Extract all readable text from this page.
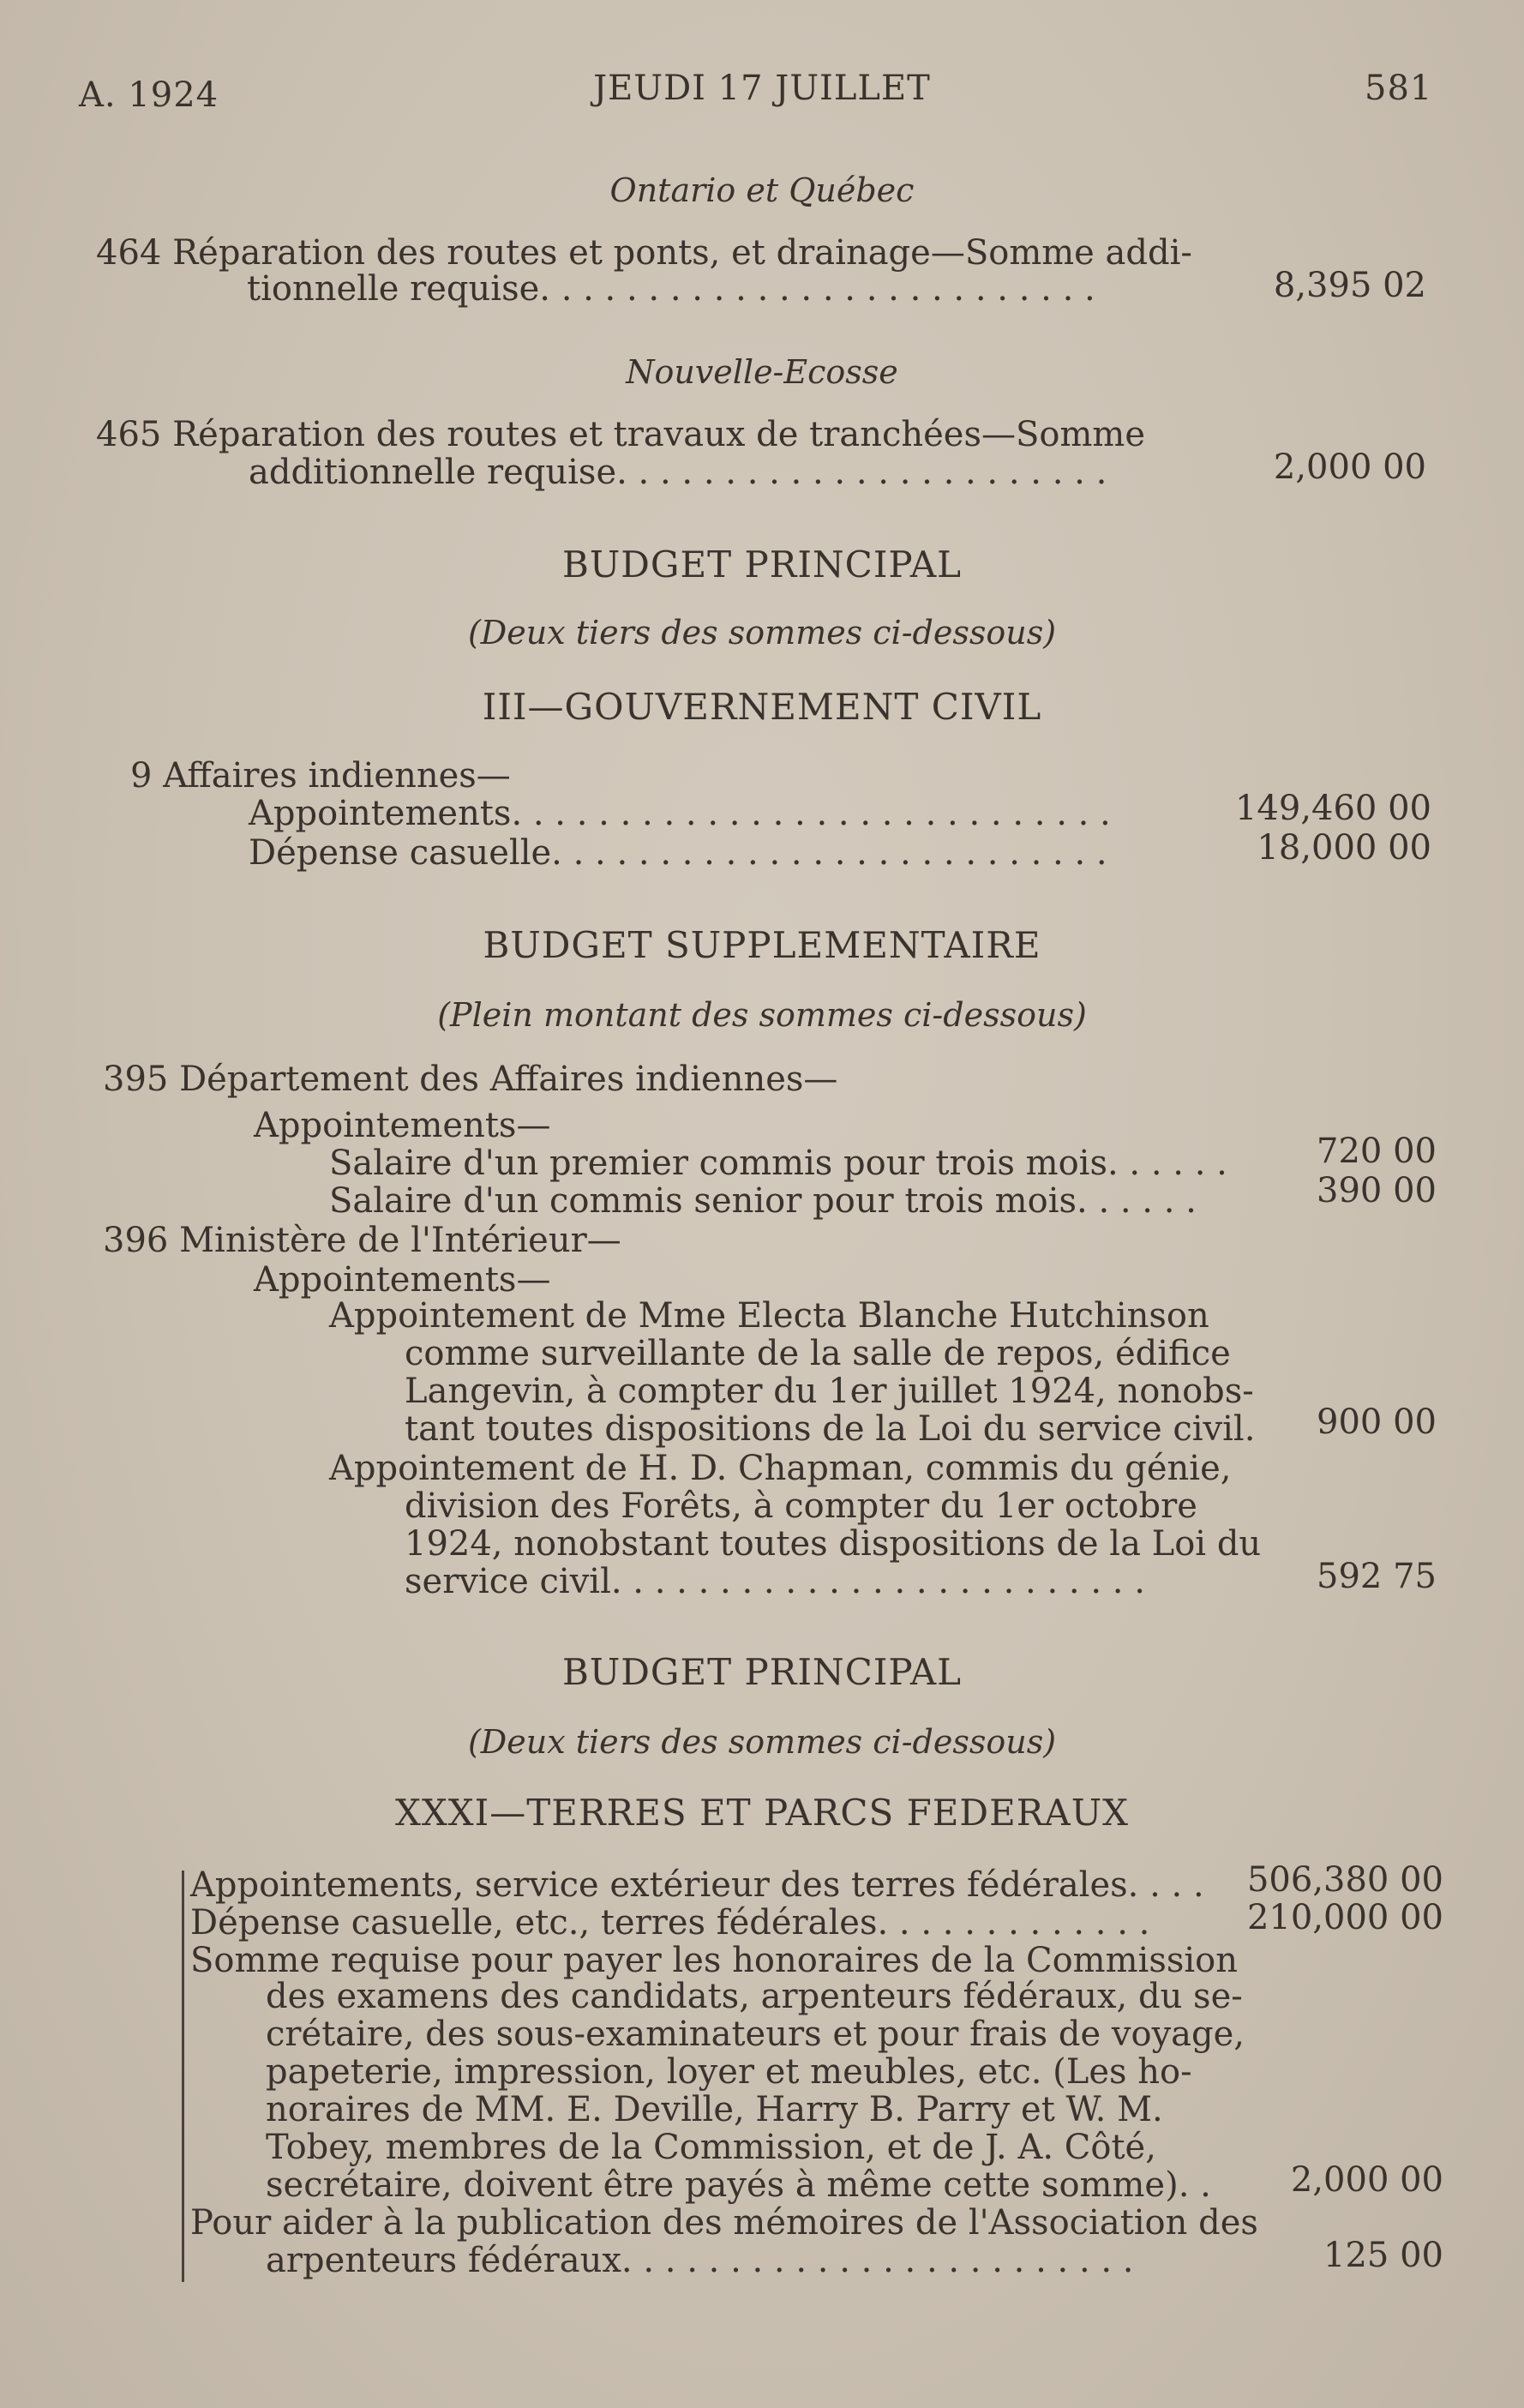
A. 1924	JEUDI 17 JUILLET	581
Ontario et Québec
464 Réparation des routes et ponts, et drainage—Somme addi-
tionnelle requise. . . . . . . . . . . . . . . . . . . . . . . . . .	8,395 02
Nouvelle-Ecosse
465 Réparation des routes et travaux de tranchées—Somme
additionnelle requise. . . . . . . . . . . . . . . . . . . . . . .	2,000 00
BUDGET PRINCIPAL
(Deux tiers des sommes ci-dessous)
III—GOUVERNEMENT CIVIL
9 Affaires indiennes—
Appointements. . . . . . . . . . . . . . . . . . . . . . . . . . . .	149,460 00
Dépense casuelle. . . . . . . . . . . . . . . . . . . . . . . . . .	18,000 00
BUDGET SUPPLEMENTAIRE
(Plein montant des sommes ci-dessous)
395 Département des Affaires indiennes—
Appointements—
Salaire d'un premier commis pour trois mois. . . . . .	720 00
Salaire d'un commis senior pour trois mois. . . . . .	390 00
396 Ministère de l'Intérieur—
Appointements—
Appointement de Mme Electa Blanche Hutchinson
comme surveillante de la salle de repos, édifice
Langevin, à compter du 1er juillet 1924, nonobs-
tant toutes dispositions de la Loi du service civil.	900 00
Appointement de H. D. Chapman, commis du génie,
division des Forêts, à compter du 1er octobre
1924, nonobstant toutes dispositions de la Loi du
service civil. . . . . . . . . . . . . . . . . . . . . . . . .	592 75
BUDGET PRINCIPAL
(Deux tiers des sommes ci-dessous)
XXXI—TERRES ET PARCS FEDERAUX
Appointements, service extérieur des terres fédérales. . . .	506,380 00
Dépense casuelle, etc., terres fédérales. . . . . . . . . . . . .	210,000 00
Somme requise pour payer les honoraires de la Commission
des examens des candidats, arpenteurs fédéraux, du se-
crétaire, des sous-examinateurs et pour frais de voyage,
papeterie, impression, loyer et meubles, etc. (Les ho-
noraires de MM. E. Deville, Harry B. Parry et W. M.
Tobey, membres de la Commission, et de J. A. Côté,
secrétaire, doivent être payés à même cette somme). .	2,000 00
Pour aider à la publication des mémoires de l'Association des
arpenteurs fédéraux. . . . . . . . . . . . . . . . . . . . . . . .	125 00
